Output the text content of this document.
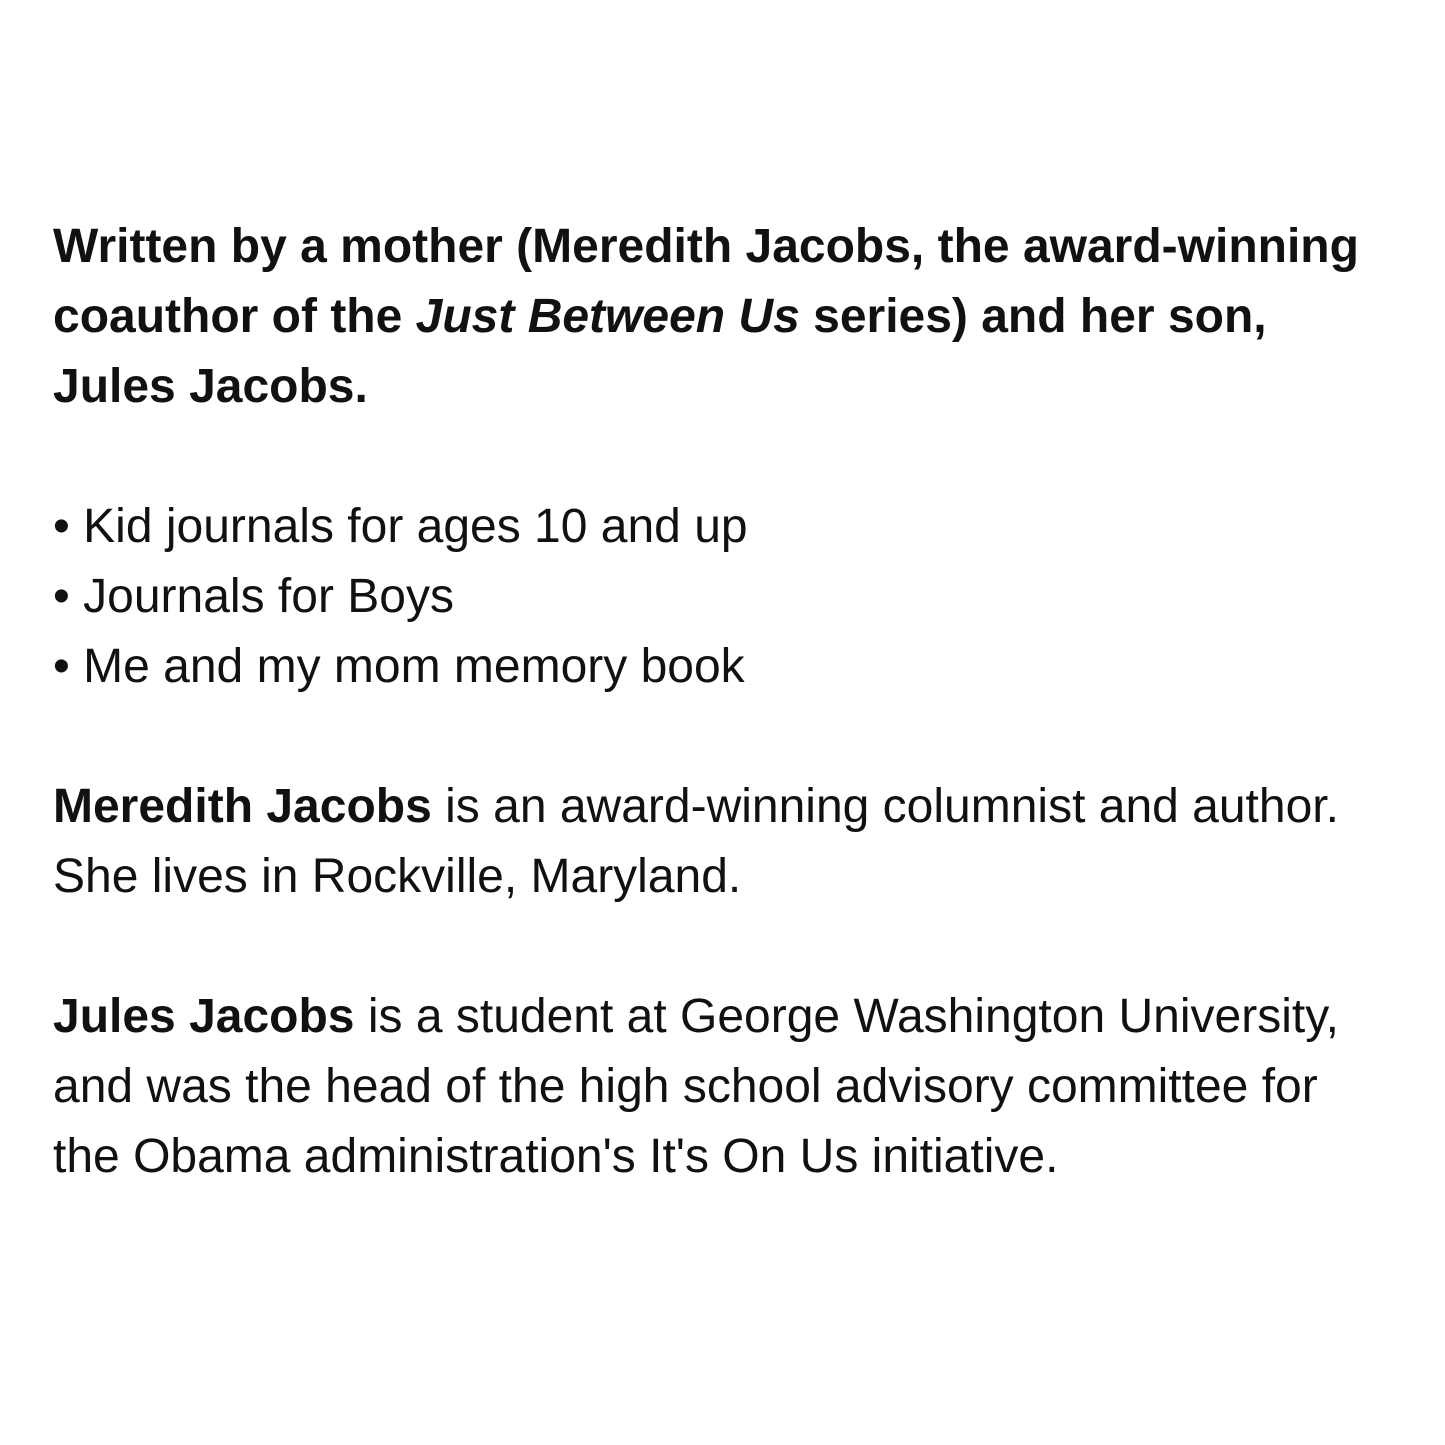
Written by a mother (Meredith Jacobs, the award-winning coauthor of the Just Between Us series) and her son, Jules Jacobs.

• Kid journals for ages 10 and up
• Journals for Boys
• Me and my mom memory book

Meredith Jacobs is an award-winning columnist and author. She lives in Rockville, Maryland.

Jules Jacobs is a student at George Washington University, and was the head of the high school advisory committee for the Obama administration's It's On Us initiative.
